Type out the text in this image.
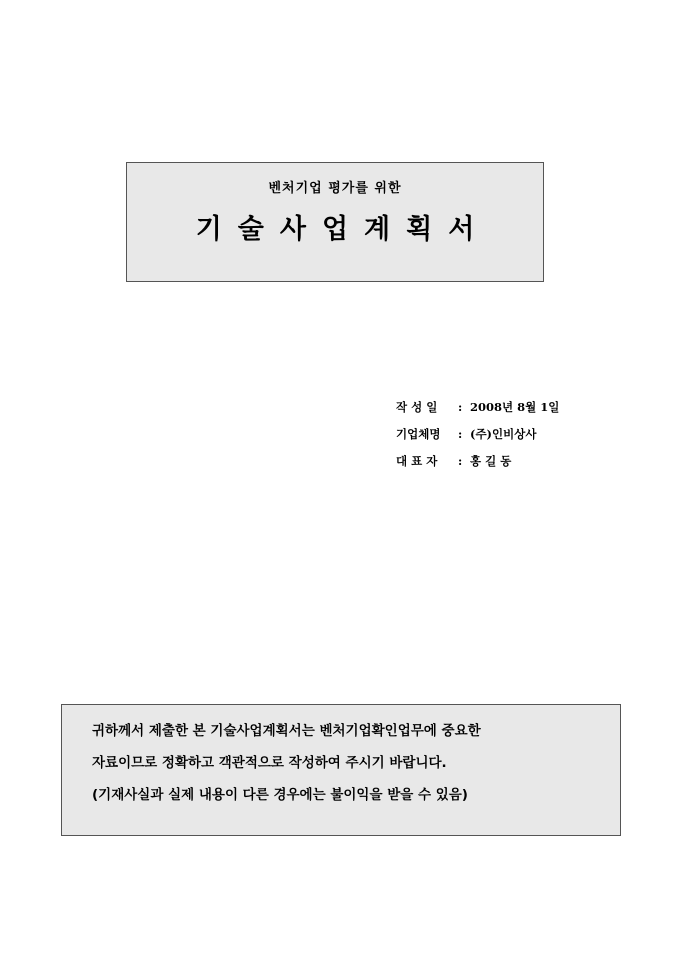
벤처기업 평가를 위한
기술사업계획서
작 성 일	: 2008년 8월 1일
기업체명	: (주)인비상사
대 표 자	: 홍 길 동
귀하께서 제출한 본 기술사업계획서는 벤처기업확인업무에 중요한
자료이므로 정확하고 객관적으로 작성하여 주시기 바랍니다.
(기재사실과 실제 내용이 다른 경우에는 불이익을 받을 수 있음)
